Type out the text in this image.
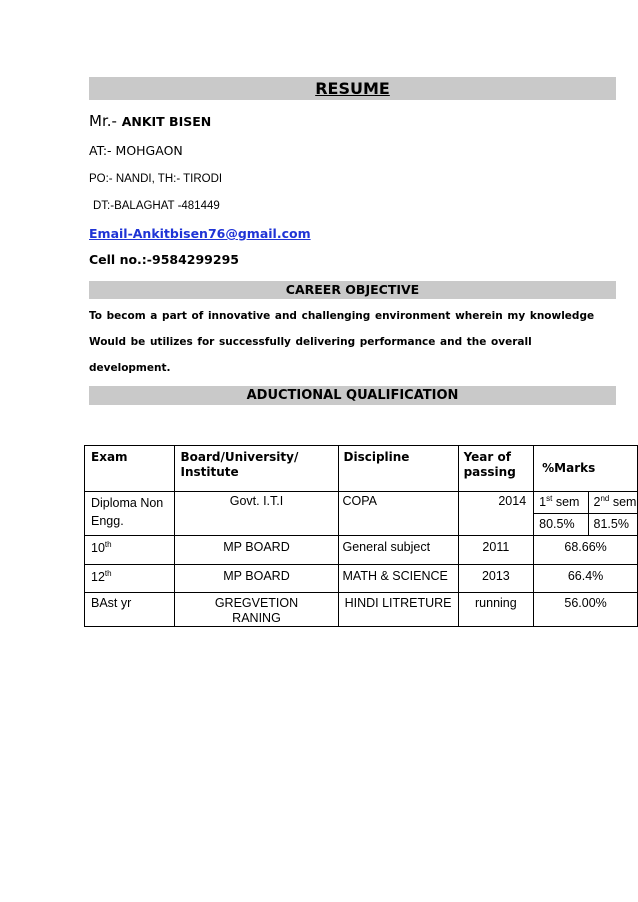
RESUME
Mr.- ANKIT BISEN
AT:- MOHGAON
PO:- NANDI, TH:- TIRODI
DT:-BALAGHAT -481449
Email-Ankitbisen76@gmail.com
Cell no.:-9584299295
CAREER OBJECTIVE
To becom a part of innovative and challenging environment wherein my knowledge
Would be utilizes for successfully delivering performance and the overall
development.
ADUCTIONAL QUALIFICATION
Exam	Board/University/ Institute	Discipline	Year of passing	%Marks	
Diploma Non Engg.	Govt. I.T.I	COPA	2014	1st sem	2nd sem
				80.5%	81.5%
10th	MP BOARD	General subject	2011	68.66%	
12th	MP BOARD	MATH & SCIENCE	2013	66.4%	
BAst yr	GREGVETION RANING	HINDI LITRETURE	running	56.00%	
